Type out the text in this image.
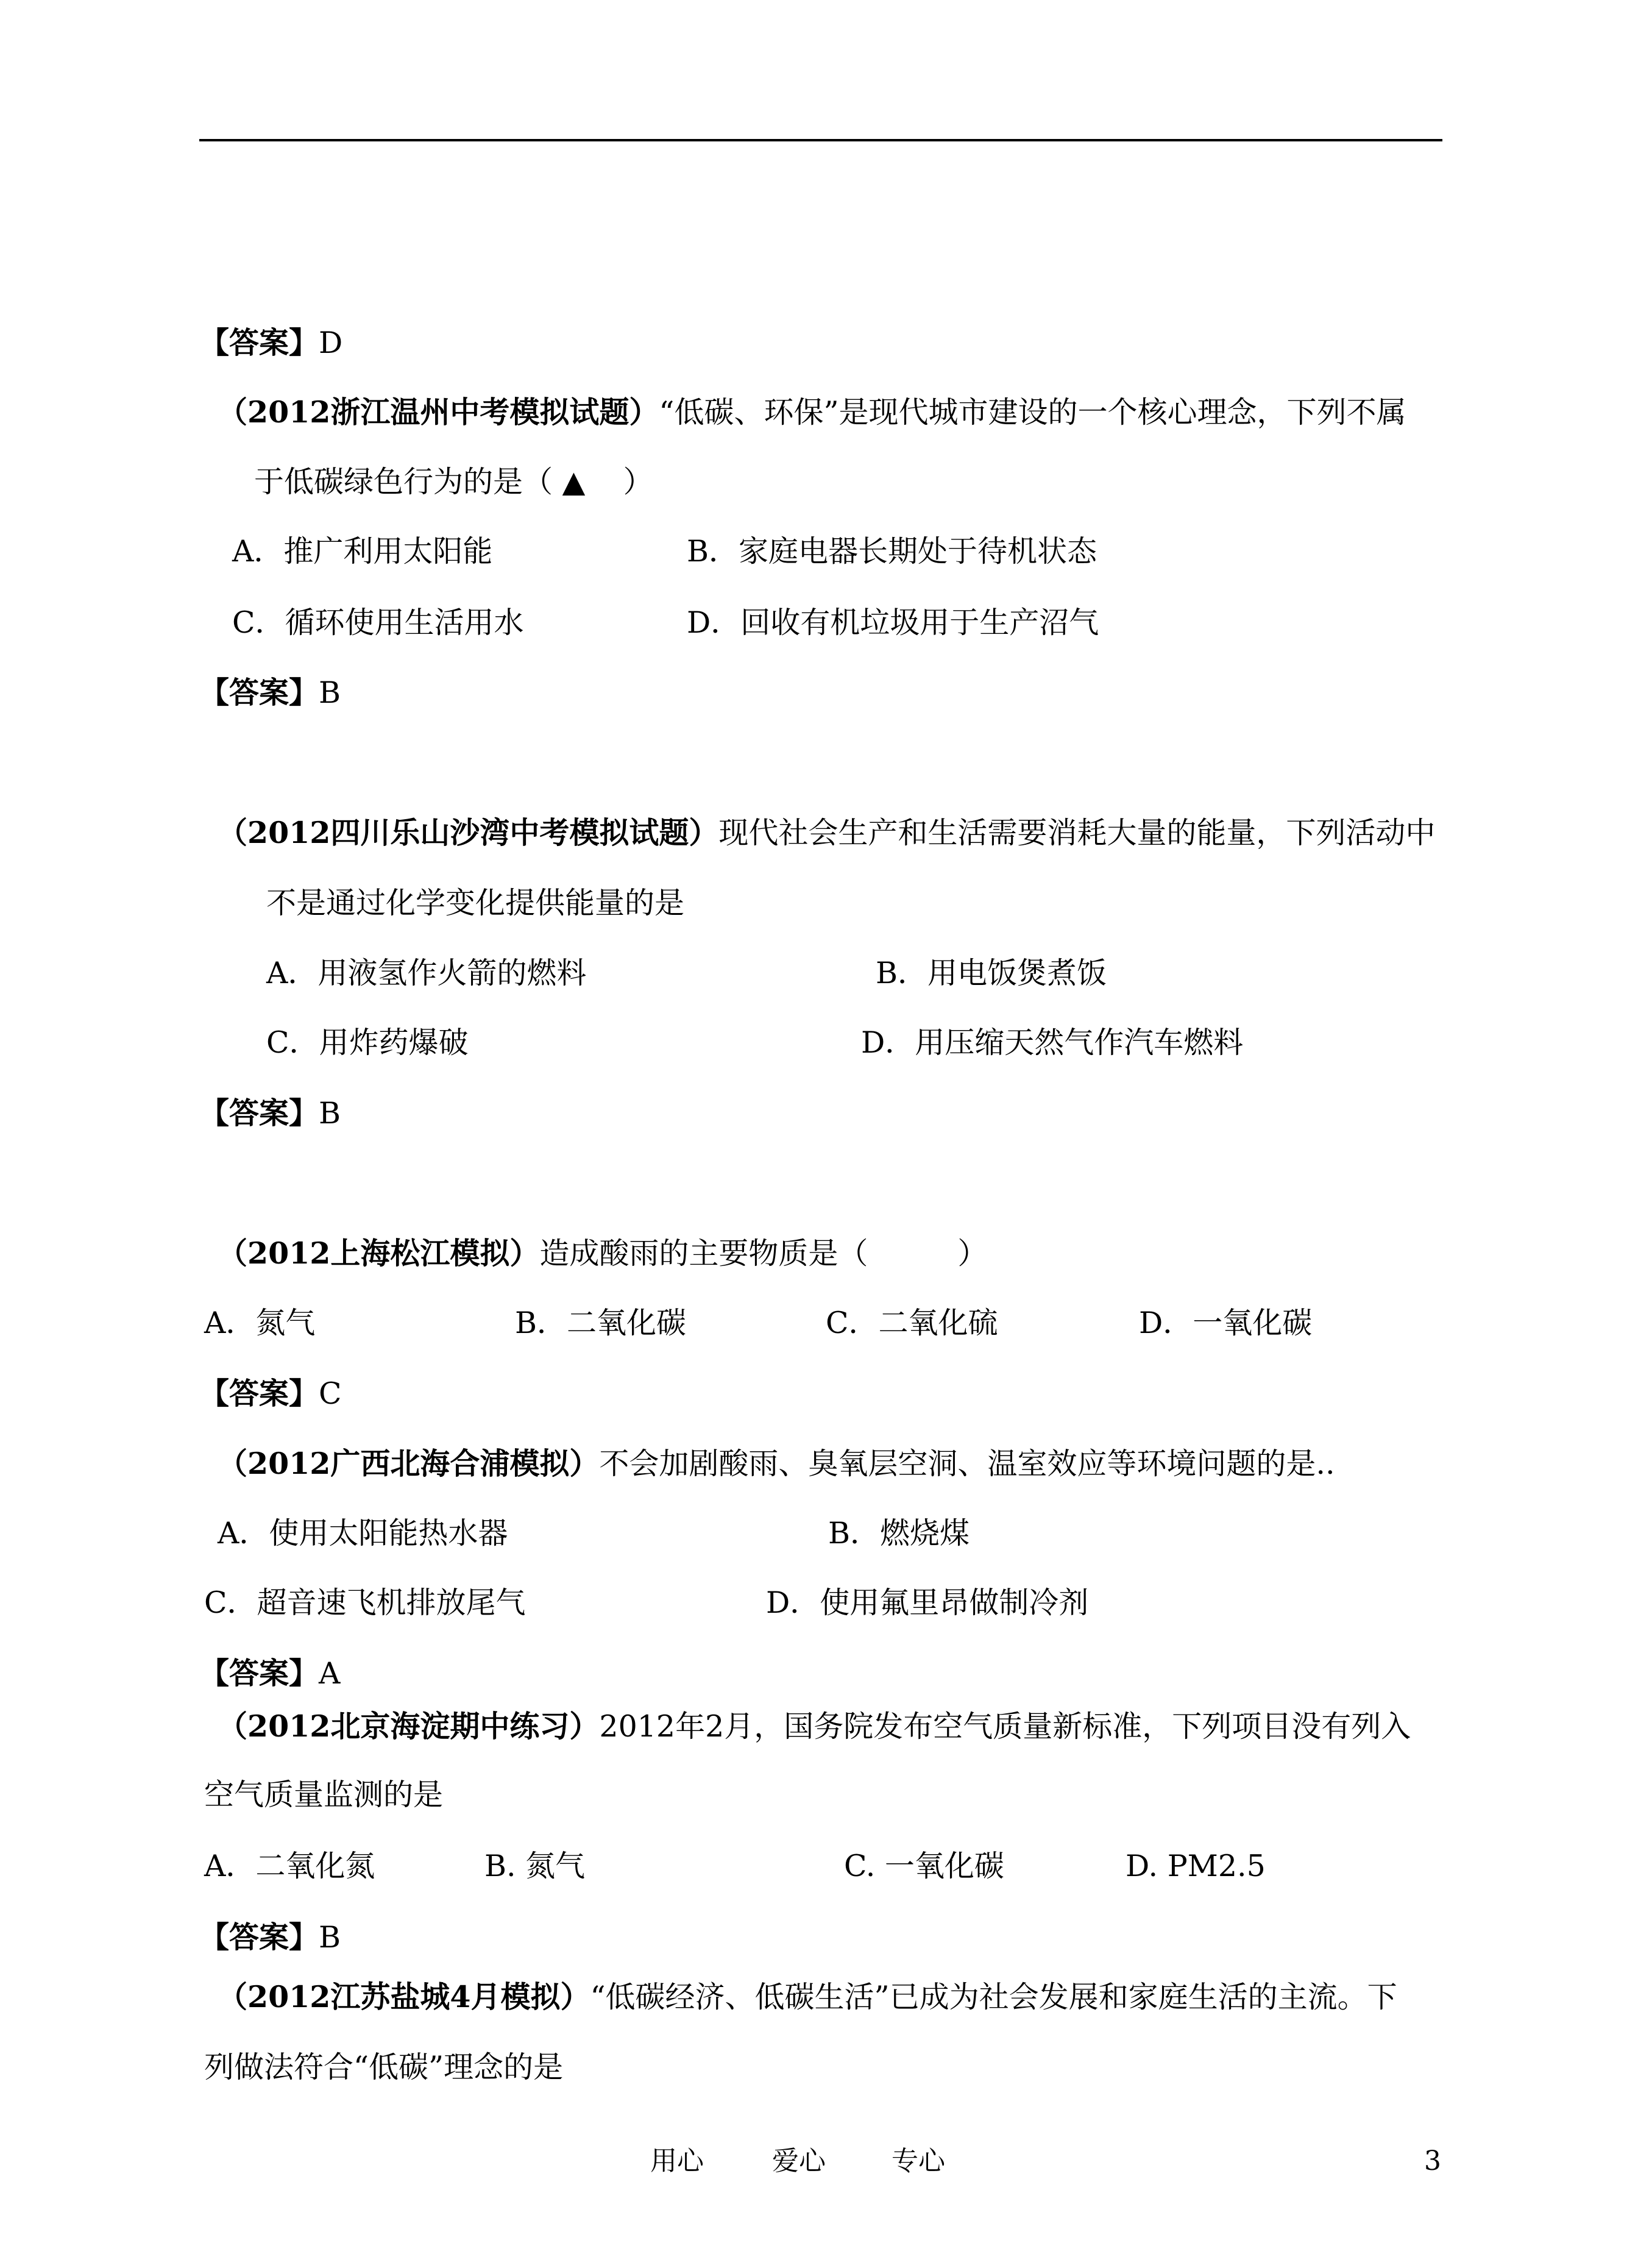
【答案】D
（2012浙江温州中考模拟试题）“低碳、环保”是现代城市建设的一个核心理念，下列不属
于低碳绿色行为的是（ ▲ ）
A．推广利用太阳能	B．家庭电器长期处于待机状态
C．循环使用生活用水	D．回收有机垃圾用于生产沼气
【答案】B
（2012四川乐山沙湾中考模拟试题）现代社会生产和生活需要消耗大量的能量，下列活动中
不是通过化学变化提供能量的是
A．用液氢作火箭的燃料	B．用电饭煲煮饭
C．用炸药爆破	D．用压缩天然气作汽车燃料
【答案】B
（2012上海松江模拟）造成酸雨的主要物质是（　　　）
A．氮气	B．二氧化碳	C．二氧化硫	D．一氧化碳
【答案】C
（2012广西北海合浦模拟）不会加剧酸雨、臭氧层空洞、温室效应等环境问题的是..
A．使用太阳能热水器	B．燃烧煤
C．超音速飞机排放尾气	D．使用氟里昂做制冷剂
【答案】A
（2012北京海淀期中练习）2012年2月，国务院发布空气质量新标准，下列项目没有列入
空气质量监测的是
A．二氧化氮	B. 氮气	C. 一氧化碳	D. PM2.5
【答案】B
（2012江苏盐城4月模拟）“低碳经济、低碳生活”已成为社会发展和家庭生活的主流。下
列做法符合“低碳”理念的是
用心	爱心 专心	3
